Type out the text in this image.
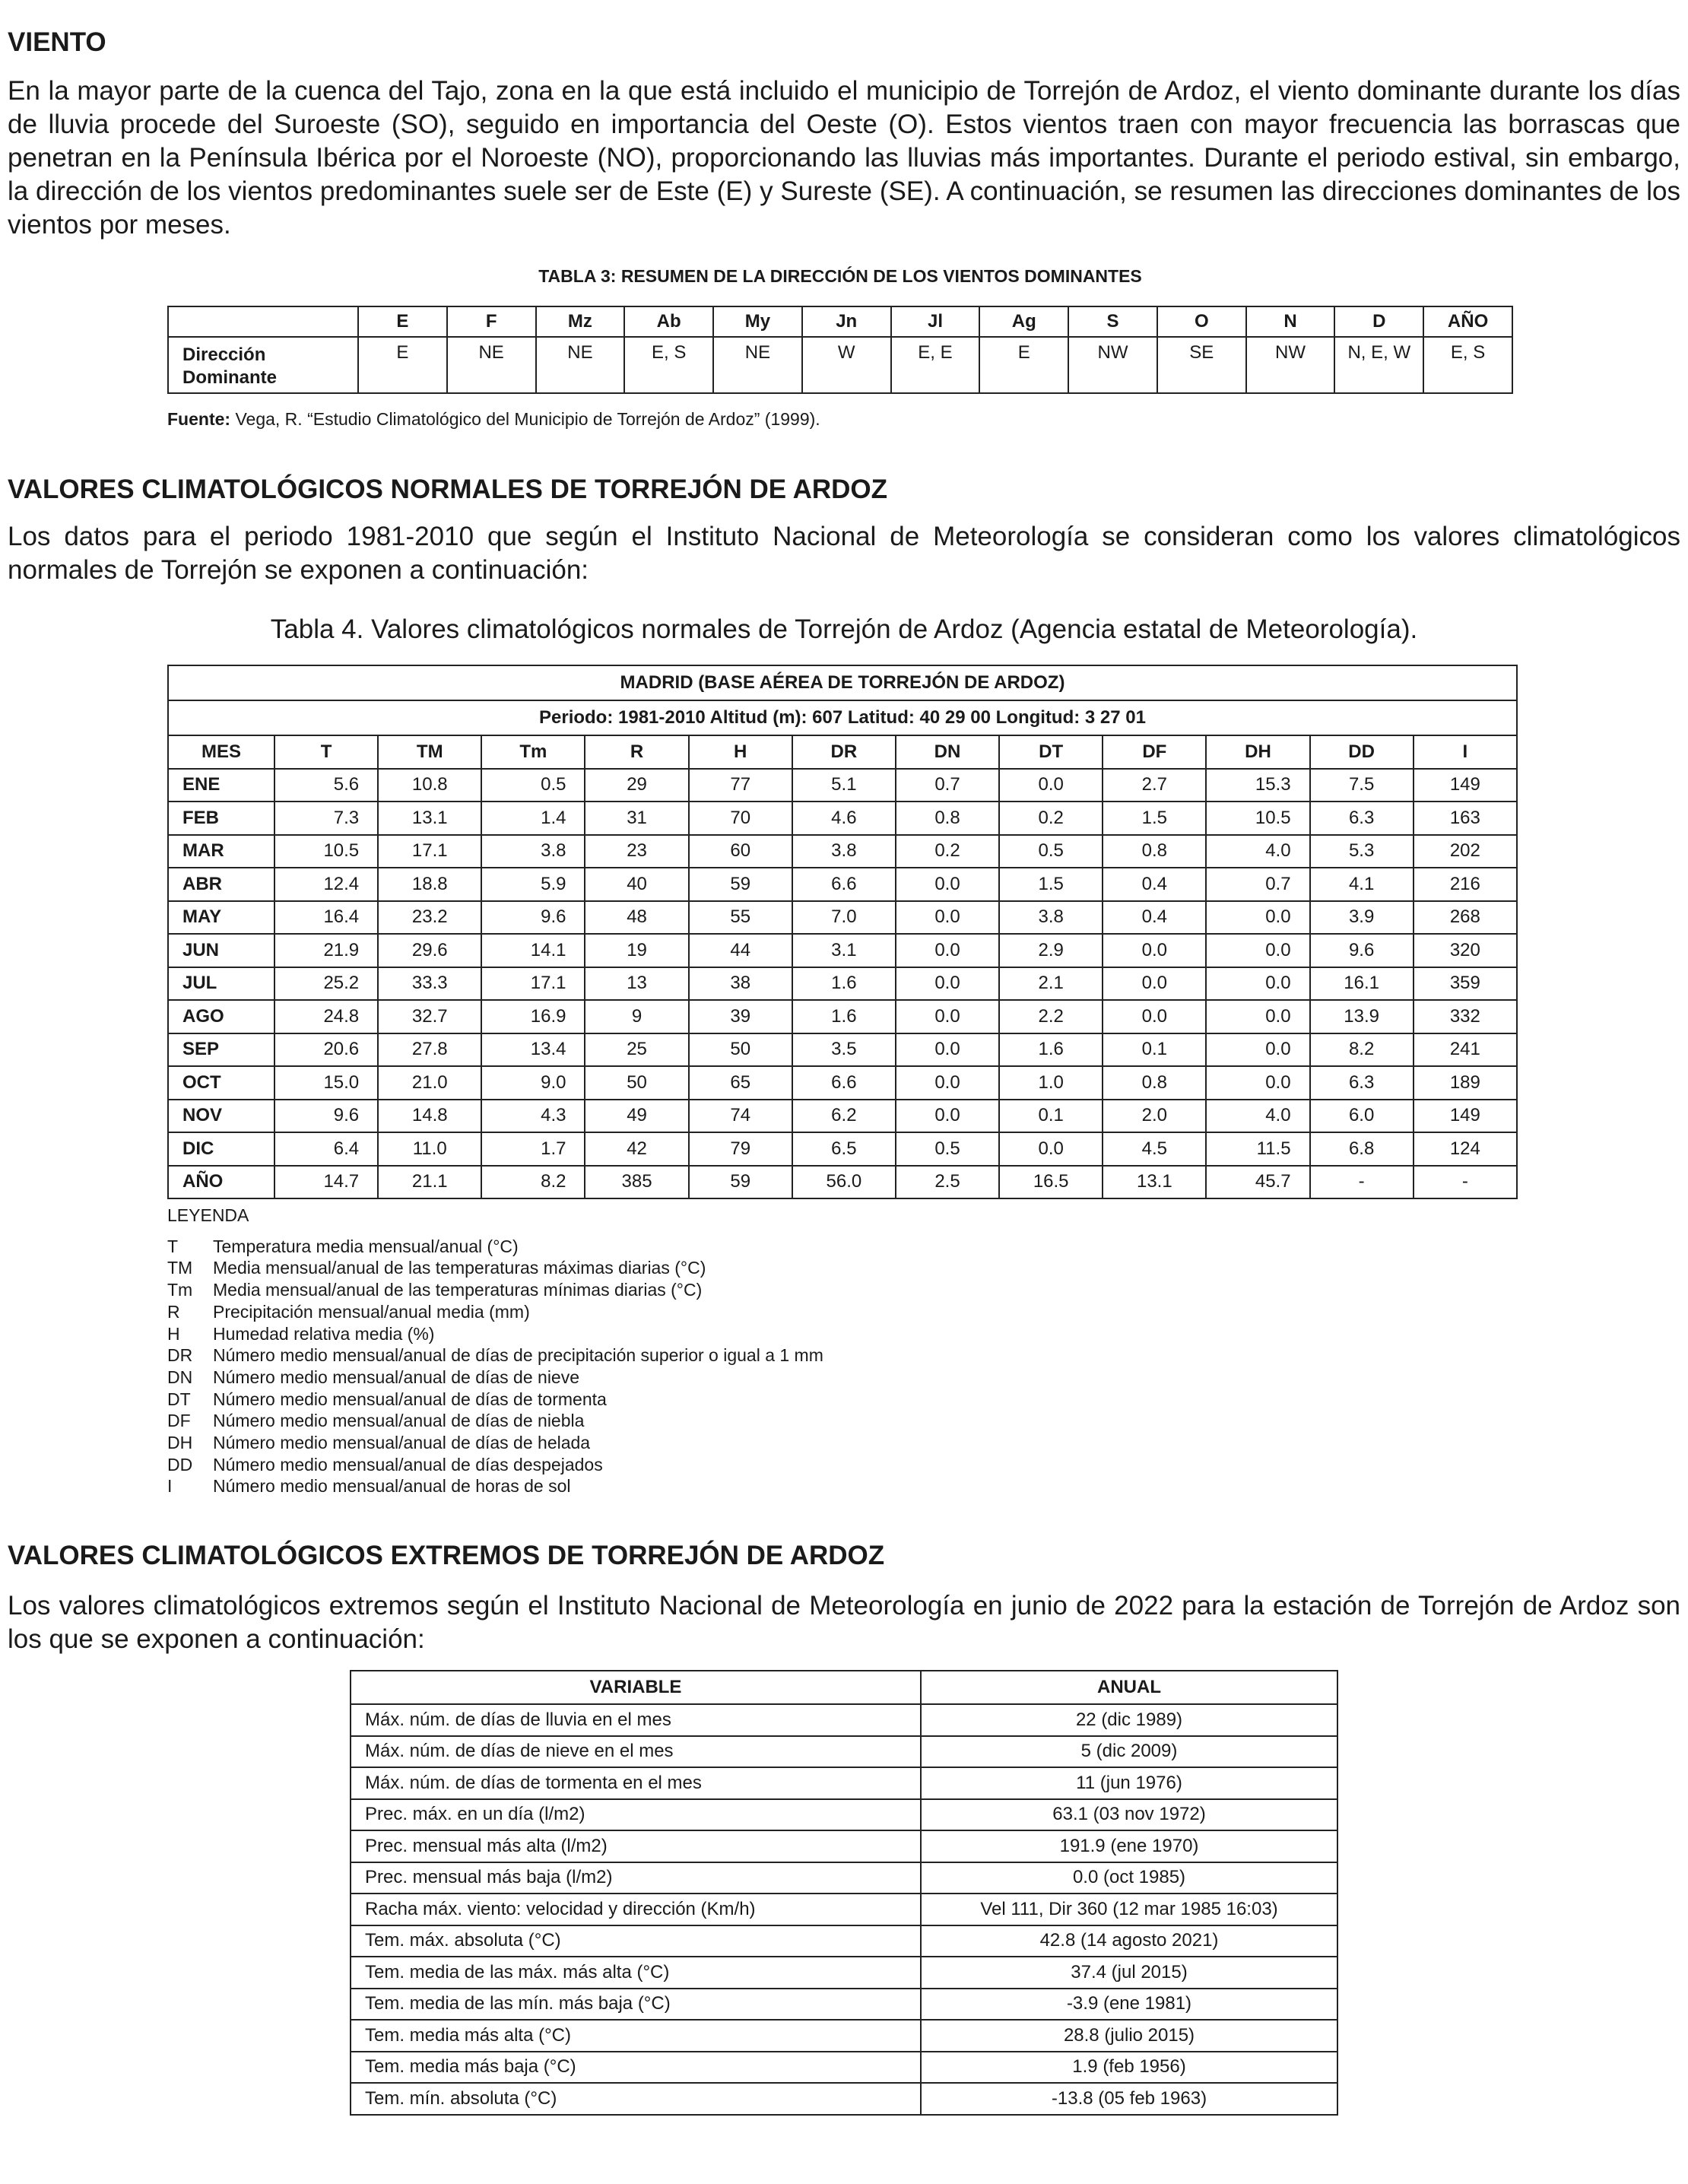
VIENTO

En la mayor parte de la cuenca del Tajo, zona en la que está incluido el municipio de Torrejón de Ardoz, el viento dominante durante los días de lluvia procede del Suroeste (SO), seguido en importancia del Oeste (O). Estos vientos traen con mayor frecuencia las borrascas que penetran en la Península Ibérica por el Noroeste (NO), proporcionando las lluvias más importantes. Durante el periodo estival, sin embargo, la dirección de los vientos predominantes suele ser de Este (E) y Sureste (SE). A continuación, se resumen las direcciones dominantes de los vientos por meses.

TABLA 3: RESUMEN DE LA DIRECCIÓN DE LOS VIENTOS DOMINANTES
	E	F	Mz	Ab	My	Jn	Jl	Ag	S	O	N	D	AÑO
Dirección
Dominante	E	NE	NE	E, S	NE	W	E, E	E	NW	SE	NW	N, E, W	E, S
Fuente: Vega, R. “Estudio Climatológico del Municipio de Torrejón de Ardoz” (1999).
VALORES CLIMATOLÓGICOS NORMALES DE TORREJÓN DE ARDOZ

Los datos para el periodo 1981-2010 que según el Instituto Nacional de Meteorología se consideran como los valores climatológicos normales de Torrejón se exponen a continuación:

Tabla 4. Valores climatológicos normales de Torrejón de Ardoz (Agencia estatal de Meteorología).
MADRID (BASE AÉREA DE TORREJÓN DE ARDOZ)												
Periodo: 1981-2010 Altitud (m): 607 Latitud: 40 29 00 Longitud: 3 27 01												
MES	T	TM	Tm	R	H	DR	DN	DT	DF	DH	DD	I
ENE	5.6	10.8	0.5	29	77	5.1	0.7	0.0	2.7	15.3	7.5	149
FEB	7.3	13.1	1.4	31	70	4.6	0.8	0.2	1.5	10.5	6.3	163
MAR	10.5	17.1	3.8	23	60	3.8	0.2	0.5	0.8	4.0	5.3	202
ABR	12.4	18.8	5.9	40	59	6.6	0.0	1.5	0.4	0.7	4.1	216
MAY	16.4	23.2	9.6	48	55	7.0	0.0	3.8	0.4	0.0	3.9	268
JUN	21.9	29.6	14.1	19	44	3.1	0.0	2.9	0.0	0.0	9.6	320
JUL	25.2	33.3	17.1	13	38	1.6	0.0	2.1	0.0	0.0	16.1	359
AGO	24.8	32.7	16.9	9	39	1.6	0.0	2.2	0.0	0.0	13.9	332
SEP	20.6	27.8	13.4	25	50	3.5	0.0	1.6	0.1	0.0	8.2	241
OCT	15.0	21.0	9.0	50	65	6.6	0.0	1.0	0.8	0.0	6.3	189
NOV	9.6	14.8	4.3	49	74	6.2	0.0	0.1	2.0	4.0	6.0	149
DIC	6.4	11.0	1.7	42	79	6.5	0.5	0.0	4.5	11.5	6.8	124
AÑO	14.7	21.1	8.2	385	59	56.0	2.5	16.5	13.1	45.7	-	-
LEYENDA
T	Temperatura media mensual/anual (°C)
TM	Media mensual/anual de las temperaturas máximas diarias (°C)
Tm	Media mensual/anual de las temperaturas mínimas diarias (°C)
R	Precipitación mensual/anual media (mm)
H	Humedad relativa media (%)
DR	Número medio mensual/anual de días de precipitación superior o igual a 1 mm
DN	Número medio mensual/anual de días de nieve
DT	Número medio mensual/anual de días de tormenta
DF	Número medio mensual/anual de días de niebla
DH	Número medio mensual/anual de días de helada
DD	Número medio mensual/anual de días despejados
I	Número medio mensual/anual de horas de sol
VALORES CLIMATOLÓGICOS EXTREMOS DE TORREJÓN DE ARDOZ

Los valores climatológicos extremos según el Instituto Nacional de Meteorología en junio de 2022 para la estación de Torrejón de Ardoz son los que se exponen a continuación:

VARIABLE	ANUAL
Máx. núm. de días de lluvia en el mes	22 (dic 1989)
Máx. núm. de días de nieve en el mes	5 (dic 2009)
Máx. núm. de días de tormenta en el mes	11 (jun 1976)
Prec. máx. en un día (l/m2)	63.1 (03 nov 1972)
Prec. mensual más alta (l/m2)	191.9 (ene 1970)
Prec. mensual más baja (l/m2)	0.0 (oct 1985)
Racha máx. viento: velocidad y dirección (Km/h)	Vel 111, Dir 360 (12 mar 1985 16:03)
Tem. máx. absoluta (°C)	42.8 (14 agosto 2021)
Tem. media de las máx. más alta (°C)	37.4 (jul 2015)
Tem. media de las mín. más baja (°C)	-3.9 (ene 1981)
Tem. media más alta (°C)	28.8 (julio 2015)
Tem. media más baja (°C)	1.9 (feb 1956)
Tem. mín. absoluta (°C)	-13.8 (05 feb 1963)
